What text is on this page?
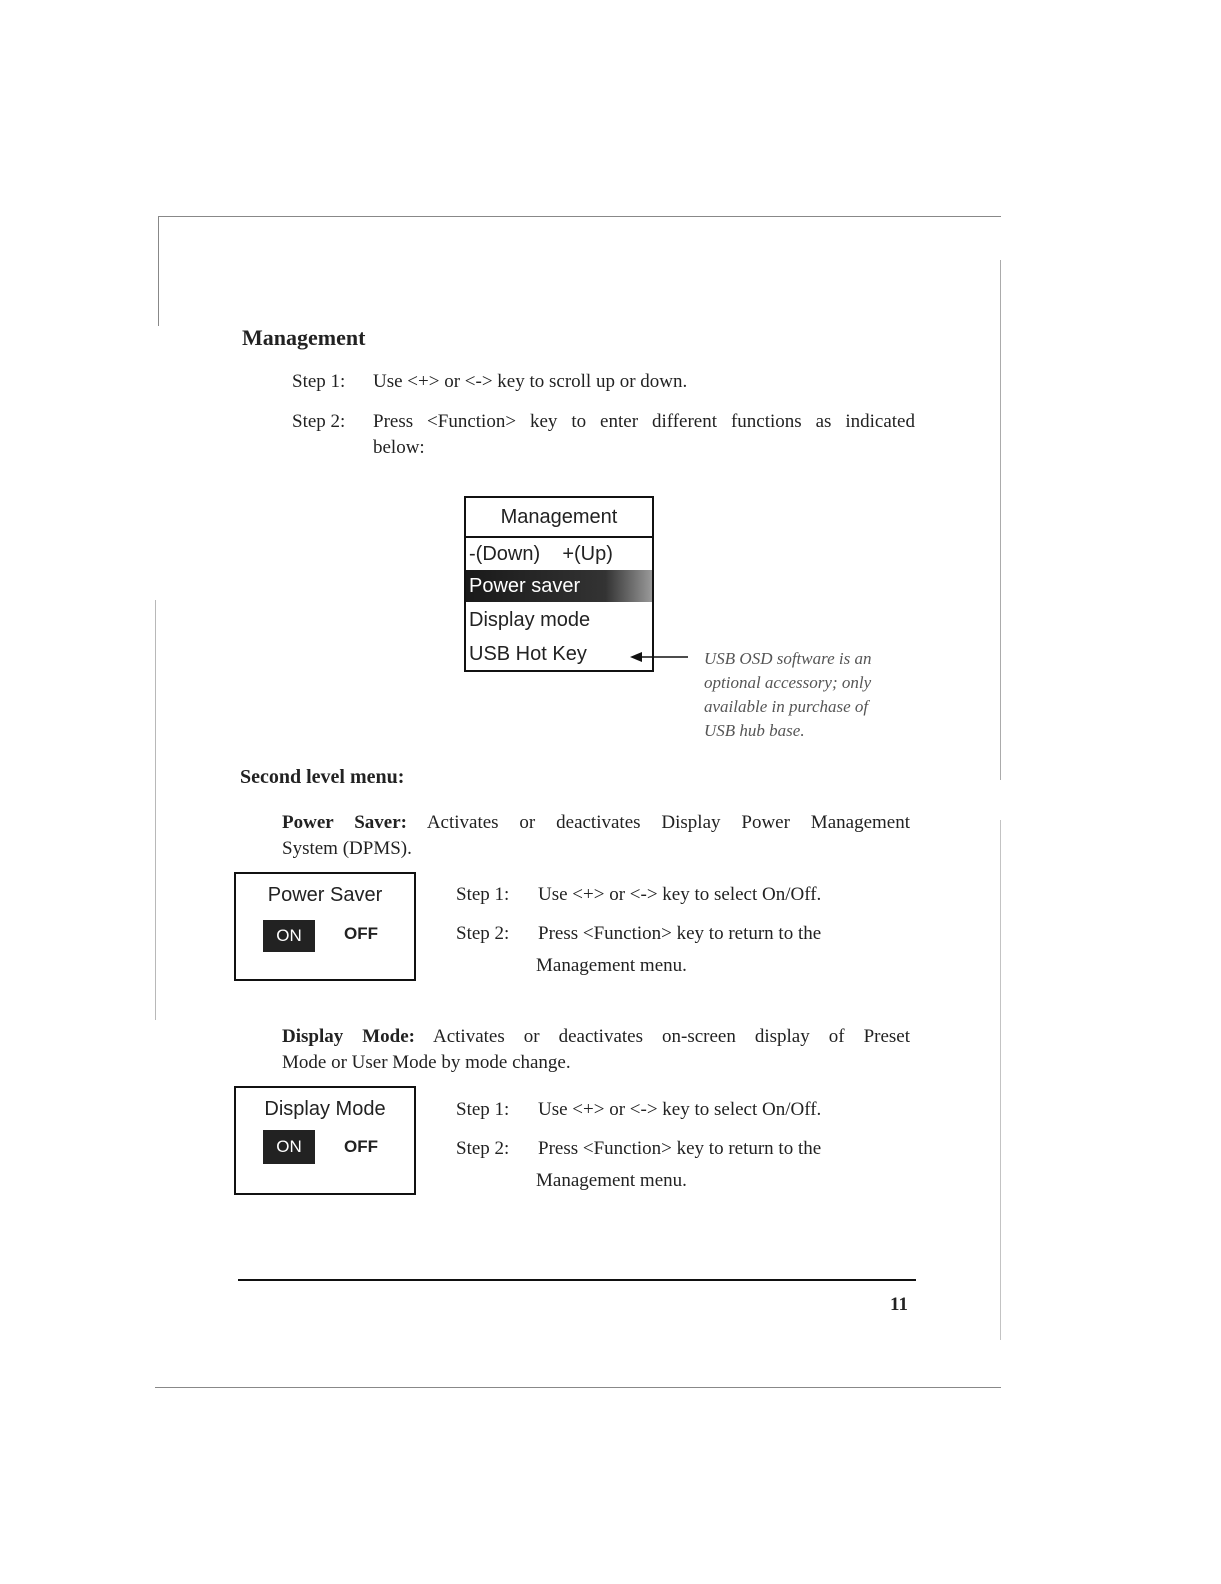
Management
Step 1: Use <+> or <-> key to scroll up or down.
Step 2: Press <Function> key to enter different functions as indicated
below:
Management
-(Down)    +(Up)
Power saver
Display mode
USB Hot Key	USB OSD software is an
optional accessory; only
available in purchase of
USB hub base.
Second level menu:
Power Saver: Activates or deactivates Display Power Management
System (DPMS).
Power Saver
ON	OFF
Step 1: Use <+> or <-> key to select On/Off.
Step 2: Press <Function> key to return to the
Management menu.
Display Mode: Activates or deactivates on-screen display of Preset
Mode or User Mode by mode change.
Display Mode
ON	OFF
Step 1: Use <+> or <-> key to select On/Off.
Step 2: Press <Function> key to return to the
Management menu.
11
